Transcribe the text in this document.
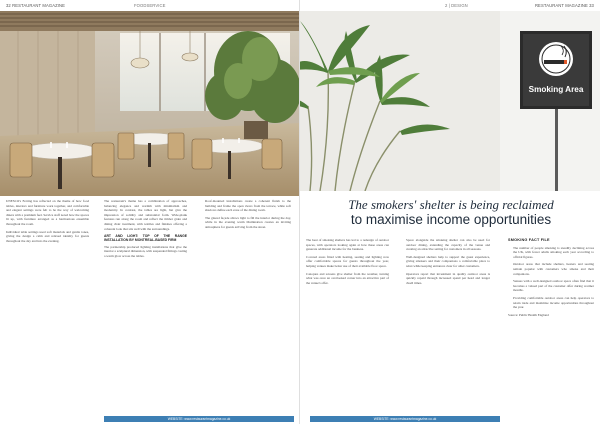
32 RESTAURANT MAGAZINE	FOODSERVICE

UNESCO's Ferring has reflected on the theme of how food tables, interiors and furniture work together, and comfortable and elegant settings were felt to be the way of welcoming diners with a premium feel. Service staff noted how the spaces lit up, with furniture arranged as a harmonious ensemble throughout the room.

Individual table settings used soft materials and gentle tones, giving the design a calm and relaxed identity for guests throughout the day and into the evening.

The restaurant's theme has a combination of approaches, balancing elegance and warmth with minimalism and modernity. In contrast, the tables are light, but give the impression of solidity and substantial form. Wide-plank features run along the room and reflect the timber grain and dining chair treatment, with textiles and finishes offering a coherent look that sits well with the surroundings.

ART AND LIGHT: TOP OF THE RANGE INSTALLATION BY MONTREAL-BASED FIRM

The partnership produced lighting installations that give the interior a sculptural dimension, with suspended fittings casting a warm glow across the tables.

Roof-mounted installations create a coherent finish to the building and frame the open views from the terrace, while soft shadows define each zone of the dining room.

The glazed façade allows light to fill the interior during the day, while in the evening warm illumination creates an inviting atmosphere for guests arriving from the street.

WEBSITE: www.restaurantmagazine.co.uk
2 | DESIGN	RESTAURANT MAGAZINE 33
Smoking Area
The smokers' shelter is being reclaimed
to maximise income opportunities

The heat of smoking shelters has led to a redesign of outdoor spaces, with operators looking again at how these areas can generate additional income for the business.

Covered areas fitted with heating, seating and lighting now offer comfortable spaces for guests throughout the year, helping venues make better use of their available floor space.

Canopies and screens give shelter from the weather, turning what was once an overlooked corner into an attractive part of the venue's offer.

Space alongside the smoking shelter can also be used for outdoor dining, extending the capacity of the venue and creating an attractive setting for customers in all seasons.

Well-designed shelters help to support the guest experience, giving smokers and their companions a comfortable place to relax while keeping entrances clear for other customers.

Operators report that investment in quality outdoor areas is quickly repaid through increased spend per head and longer dwell times.

SMOKING FACT FILE
• The number of people smoking is steadily declining across the UK, with fewer adults smoking each year according to official figures.
• Outdoor areas that include shelters, heaters and seating remain popular with customers who smoke and their companions.
• Venues with a well-designed outdoor space often find that it becomes a valued part of the customer offer during warmer months.
• Providing comfortable outdoor areas can help operators to retain trade and maximise income opportunities throughout the year.
Source: Public Health England
WEBSITE: www.restaurantmagazine.co.uk
